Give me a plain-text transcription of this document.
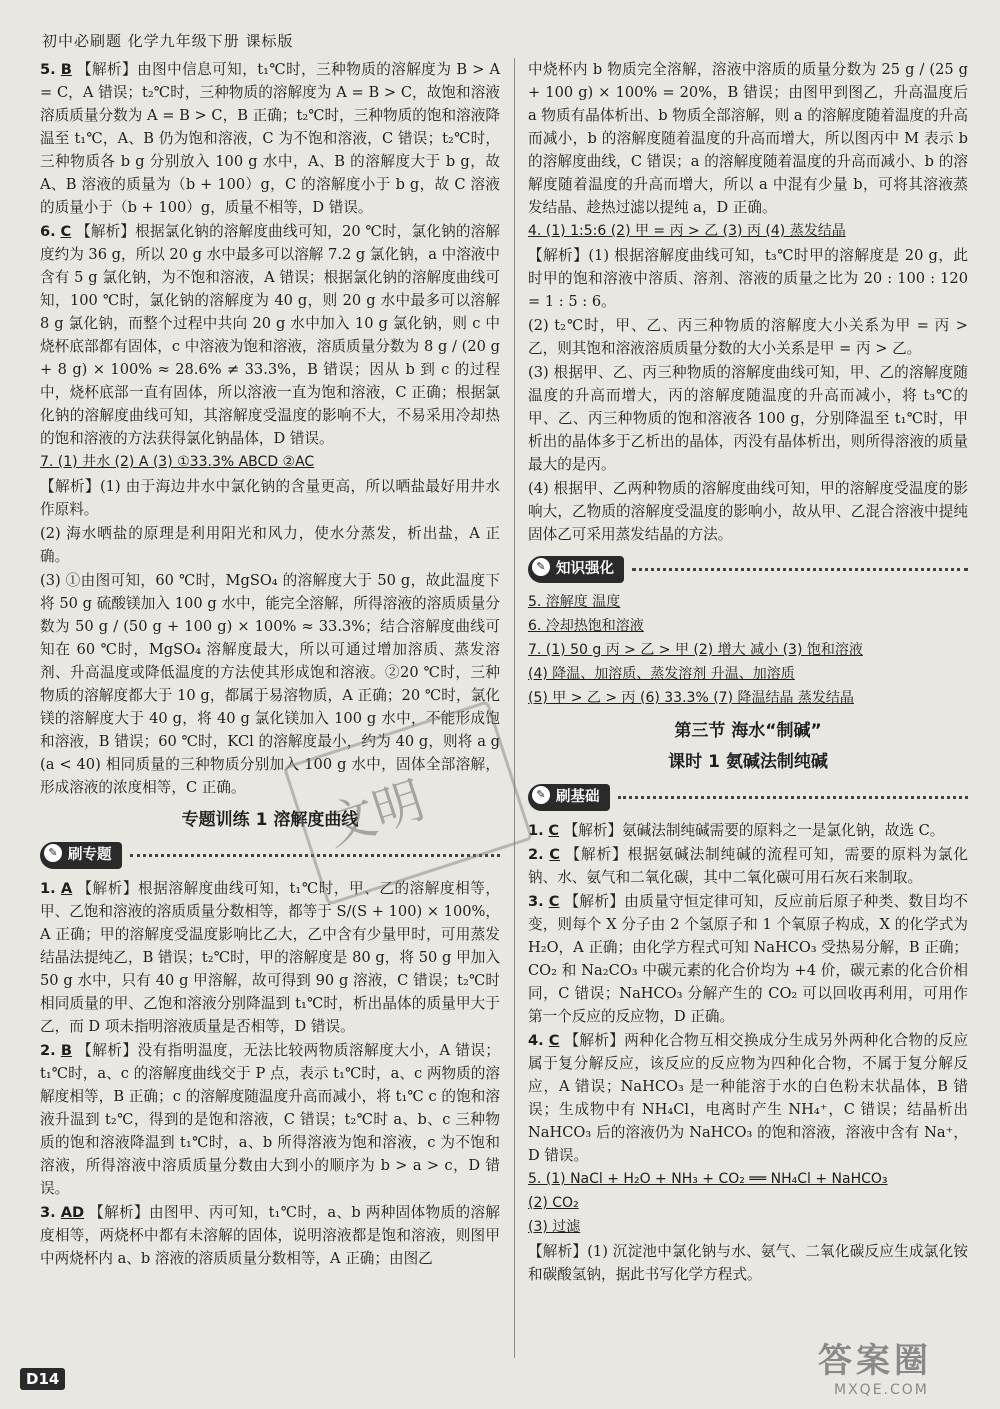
初中必刷题 化学九年级下册 课标版
5. B 【解析】由图中信息可知，t₁℃时，三种物质的溶解度为 B > A = C，A 错误；t₂℃时，三种物质的溶解度为 A = B > C，故饱和溶液溶质质量分数为 A = B > C，B 正确；t₂℃时，三种物质的饱和溶液降温至 t₁℃，A、B 仍为饱和溶液，C 为不饱和溶液，C 错误；t₂℃时，三种物质各 b g 分别放入 100 g 水中，A、B 的溶解度大于 b g，故 A、B 溶液的质量为（b + 100）g，C 的溶解度小于 b g，故 C 溶液的质量小于（b + 100）g，质量不相等，D 错误。
6. C 【解析】根据氯化钠的溶解度曲线可知，20 ℃时，氯化钠的溶解度约为 36 g，所以 20 g 水中最多可以溶解 7.2 g 氯化钠，a 中溶液中含有 5 g 氯化钠，为不饱和溶液，A 错误；根据氯化钠的溶解度曲线可知，100 ℃时，氯化钠的溶解度为 40 g，则 20 g 水中最多可以溶解 8 g 氯化钠，而整个过程中共向 20 g 水中加入 10 g 氯化钠，则 c 中烧杯底部都有固体，c 中溶液为饱和溶液，溶质质量分数为 8 g / (20 g + 8 g) × 100% ≈ 28.6% ≠ 33.3%，B 错误；因从 b 到 c 的过程中，烧杯底部一直有固体，所以溶液一直为饱和溶液，C 正确；根据氯化钠的溶解度曲线可知，其溶解度受温度的影响不大，不易采用冷却热的饱和溶液的方法获得氯化钠晶体，D 错误。
7. (1) 井水 (2) A (3) ①33.3% ABCD ②AC
【解析】(1) 由于海边井水中氯化钠的含量更高，所以晒盐最好用井水作原料。
(2) 海水晒盐的原理是利用阳光和风力，使水分蒸发，析出盐，A 正确。
(3) ①由图可知，60 ℃时，MgSO₄ 的溶解度大于 50 g，故此温度下将 50 g 硫酸镁加入 100 g 水中，能完全溶解，所得溶液的溶质质量分数为 50 g / (50 g + 100 g) × 100% ≈ 33.3%；结合溶解度曲线可知在 60 ℃时，MgSO₄ 溶解度最大，所以可通过增加溶质、蒸发溶剂、升高温度或降低温度的方法使其形成饱和溶液。②20 ℃时，三种物质的溶解度都大于 10 g，都属于易溶物质，A 正确；20 ℃时，氯化镁的溶解度大于 40 g，将 40 g 氯化镁加入 100 g 水中，不能形成饱和溶液，B 错误；60 ℃时，KCl 的溶解度最小，约为 40 g，则将 a g (a < 40) 相同质量的三种物质分别加入 100 g 水中，固体全部溶解，形成溶液的浓度相等，C 正确。
专题训练 1 溶解度曲线
✎ 刷专题
1. A 【解析】根据溶解度曲线可知，t₁℃时，甲、乙的溶解度相等，甲、乙饱和溶液的溶质质量分数相等，都等于 S/(S + 100) × 100%，A 正确；甲的溶解度受温度影响比乙大，乙中含有少量甲时，可用蒸发结晶法提纯乙，B 错误；t₂℃时，甲的溶解度是 80 g，将 50 g 甲加入 50 g 水中，只有 40 g 甲溶解，故可得到 90 g 溶液，C 错误；t₂℃时相同质量的甲、乙饱和溶液分别降温到 t₁℃时，析出晶体的质量甲大于乙，而 D 项未指明溶液质量是否相等，D 错误。
2. B 【解析】没有指明温度，无法比较两物质溶解度大小，A 错误；t₁℃时，a、c 的溶解度曲线交于 P 点，表示 t₁℃时，a、c 两物质的溶解度相等，B 正确；c 的溶解度随温度升高而减小，将 t₁℃ c 的饱和溶液升温到 t₂℃，得到的是饱和溶液，C 错误；t₂℃时 a、b、c 三种物质的饱和溶液降温到 t₁℃时，a、b 所得溶液为饱和溶液，c 为不饱和溶液，所得溶液中溶质质量分数由大到小的顺序为 b > a > c，D 错误。
3. AD 【解析】由图甲、丙可知，t₁℃时，a、b 两种固体物质的溶解度相等，两烧杯中都有未溶解的固体，说明溶液都是饱和溶液，则图甲中两烧杯内 a、b 溶液的溶质质量分数相等，A 正确；由图乙
中烧杯内 b 物质完全溶解，溶液中溶质的质量分数为 25 g / (25 g + 100 g) × 100% = 20%，B 错误；由图甲到图乙，升高温度后 a 物质有晶体析出、b 物质全部溶解，则 a 的溶解度随着温度的升高而减小，b 的溶解度随着温度的升高而增大，所以图丙中 M 表示 b 的溶解度曲线，C 错误；a 的溶解度随着温度的升高而减小、b 的溶解度随着温度的升高而增大，所以 a 中混有少量 b，可将其溶液蒸发结晶、趁热过滤以提纯 a，D 正确。
4. (1) 1:5:6 (2) 甲 = 丙 > 乙 (3) 丙 (4) 蒸发结晶
【解析】(1) 根据溶解度曲线可知，t₃℃时甲的溶解度是 20 g，此时甲的饱和溶液中溶质、溶剂、溶液的质量之比为 20 : 100 : 120 = 1 : 5 : 6。
(2) t₂℃时，甲、乙、丙三种物质的溶解度大小关系为甲 = 丙 > 乙，则其饱和溶液溶质质量分数的大小关系是甲 = 丙 > 乙。
(3) 根据甲、乙、丙三种物质的溶解度曲线可知，甲、乙的溶解度随温度的升高而增大，丙的溶解度随温度的升高而减小，将 t₃℃的甲、乙、丙三种物质的饱和溶液各 100 g，分别降温至 t₁℃时，甲析出的晶体多于乙析出的晶体，丙没有晶体析出，则所得溶液的质量最大的是丙。
(4) 根据甲、乙两种物质的溶解度曲线可知，甲的溶解度受温度的影响大，乙物质的溶解度受温度的影响小，故从甲、乙混合溶液中提纯固体乙可采用蒸发结晶的方法。
✎ 知识强化
5. 溶解度 温度
6. 冷却热饱和溶液
7. (1) 50 g 丙 > 乙 > 甲 (2) 增大 减小 (3) 饱和溶液
(4) 降温、加溶质、蒸发溶剂 升温、加溶质
(5) 甲 > 乙 > 丙 (6) 33.3% (7) 降温结晶 蒸发结晶
第三节 海水“制碱”
课时 1 氨碱法制纯碱
✎ 刷基础
1. C 【解析】氨碱法制纯碱需要的原料之一是氯化钠，故选 C。
2. C 【解析】根据氨碱法制纯碱的流程可知，需要的原料为氯化钠、水、氨气和二氧化碳，其中二氧化碳可用石灰石来制取。
3. C 【解析】由质量守恒定律可知，反应前后原子种类、数目均不变，则每个 X 分子由 2 个氢原子和 1 个氧原子构成，X 的化学式为 H₂O，A 正确；由化学方程式可知 NaHCO₃ 受热易分解，B 正确；CO₂ 和 Na₂CO₃ 中碳元素的化合价均为 +4 价，碳元素的化合价相同，C 错误；NaHCO₃ 分解产生的 CO₂ 可以回收再利用，可用作第一个反应的反应物，D 正确。
4. C 【解析】两种化合物互相交换成分生成另外两种化合物的反应属于复分解反应，该反应的反应物为四种化合物，不属于复分解反应，A 错误；NaHCO₃ 是一种能溶于水的白色粉末状晶体，B 错误；生成物中有 NH₄Cl，电离时产生 NH₄⁺，C 错误；结晶析出 NaHCO₃ 后的溶液仍为 NaHCO₃ 的饱和溶液，溶液中含有 Na⁺，D 错误。
5. (1) NaCl + H₂O + NH₃ + CO₂ ══ NH₄Cl + NaHCO₃
(2) CO₂
(3) 过滤
【解析】(1) 沉淀池中氯化钠与水、氨气、二氧化碳反应生成氯化铵和碳酸氢钠，据此书写化学方程式。
文明
D14	答案圈
MXQE.COM
